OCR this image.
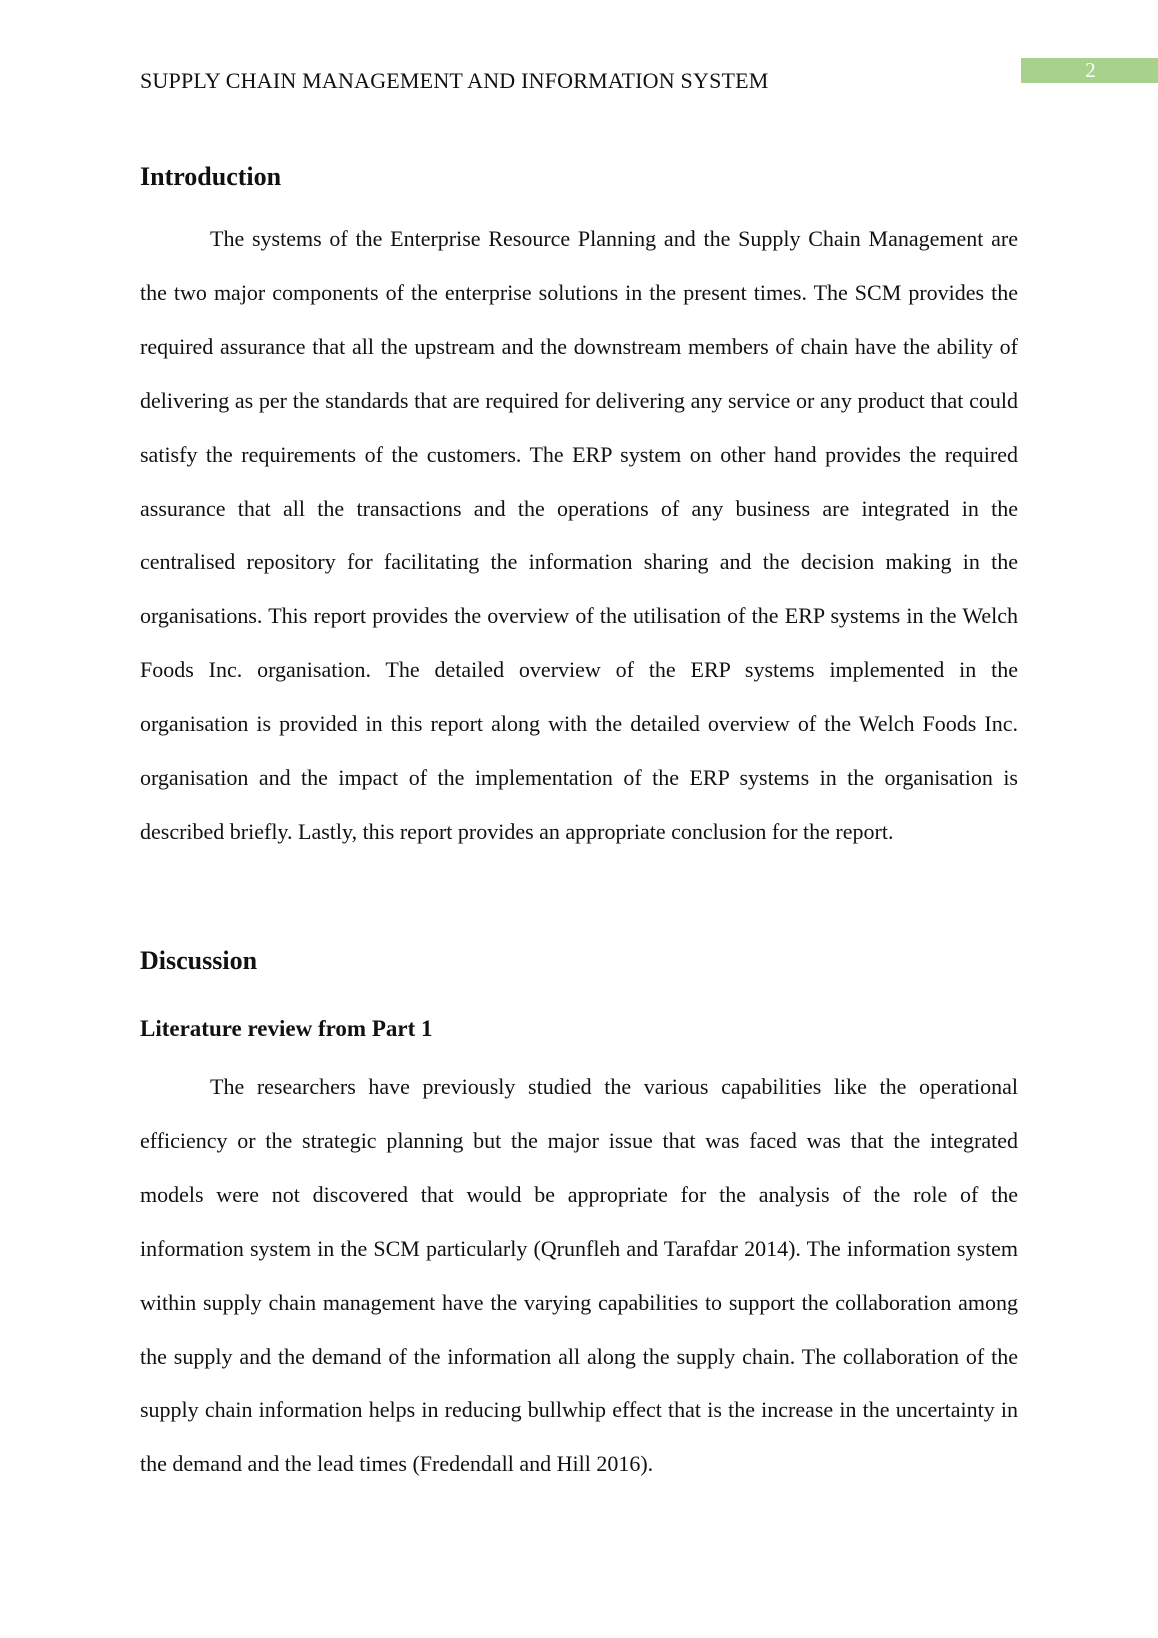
SUPPLY CHAIN MANAGEMENT AND INFORMATION SYSTEM	2
Introduction

The systems of the Enterprise Resource Planning and the Supply Chain Management are the two major components of the enterprise solutions in the present times. The SCM provides the required assurance that all the upstream and the downstream members of chain have the ability of delivering as per the standards that are required for delivering any service or any product that could satisfy the requirements of the customers. The ERP system on other hand provides the required assurance that all the transactions and the operations of any business are integrated in the centralised repository for facilitating the information sharing and the decision making in the organisations. This report provides the overview of the utilisation of the ERP systems in the Welch Foods Inc. organisation. The detailed overview of the ERP systems implemented in the organisation is provided in this report along with the detailed overview of the Welch Foods Inc. organisation and the impact of the implementation of the ERP systems in the organisation is described briefly. Lastly, this report provides an appropriate conclusion for the report.

Discussion
Literature review from Part 1

The researchers have previously studied the various capabilities like the operational efficiency or the strategic planning but the major issue that was faced was that the integrated models were not discovered that would be appropriate for the analysis of the role of the information system in the SCM particularly (Qrunfleh and Tarafdar 2014). The information system within supply chain management have the varying capabilities to support the collaboration among the supply and the demand of the information all along the supply chain. The collaboration of the supply chain information helps in reducing bullwhip effect that is the increase in the uncertainty in the demand and the lead times (Fredendall and Hill 2016).
